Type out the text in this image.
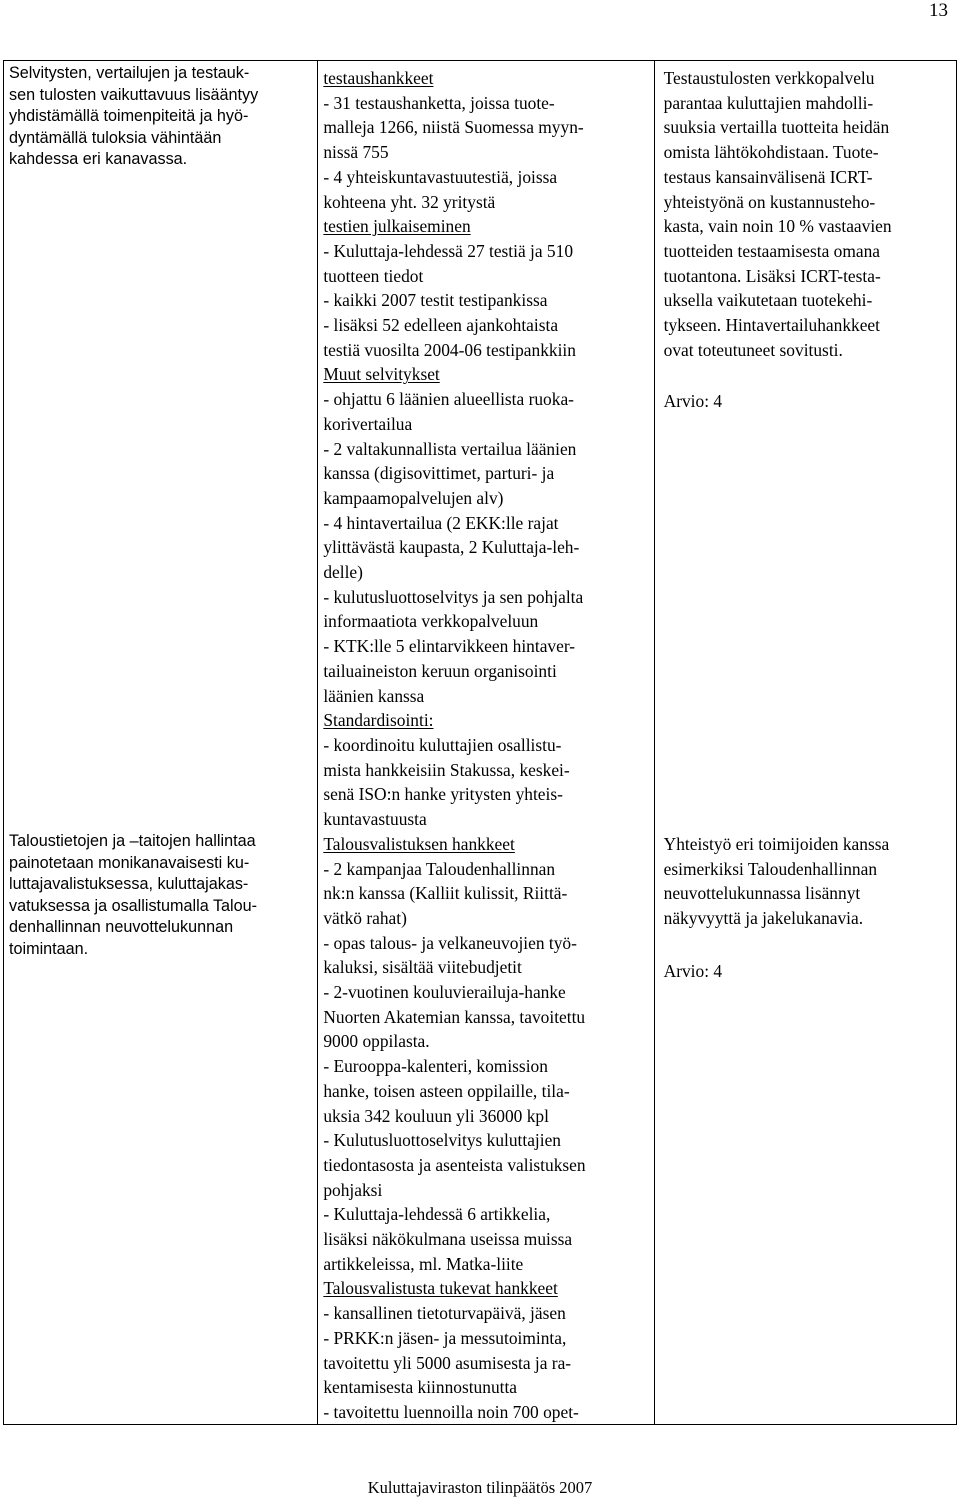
13
Selvitysten, vertailujen ja testauk-
sen tulosten vaikuttavuus lisääntyy
yhdistämällä toimenpiteitä ja hyö-
dyntämällä tuloksia vähintään
kahdessa eri kanavassa.
Taloustietojen ja –taitojen hallintaa
painotetaan monikanavaisesti ku-
luttajavalistuksessa, kuluttajakas-
vatuksessa ja osallistumalla Talou-
denhallinnan neuvottelukunnan
toimintaan.
testaushankkeet
- 31 testaushanketta, joissa tuote-
malleja 1266, niistä Suomessa myyn-
nissä 755
- 4 yhteiskuntavastuutestiä, joissa
kohteena yht. 32 yritystä
testien julkaiseminen
- Kuluttaja-lehdessä 27 testiä ja 510
tuotteen tiedot
- kaikki 2007 testit testipankissa
- lisäksi 52 edelleen ajankohtaista
testiä vuosilta 2004-06 testipankkiin
Muut selvitykset
- ohjattu 6 läänien alueellista ruoka-
korivertailua
- 2 valtakunnallista vertailua läänien
kanssa (digisovittimet, parturi- ja
kampaamopalvelujen alv)
- 4 hintavertailua (2 EKK:lle rajat
ylittävästä kaupasta, 2 Kuluttaja-leh-
delle)
- kulutusluottoselvitys ja sen pohjalta
informaatiota verkkopalveluun
- KTK:lle 5 elintarvikkeen hintaver-
tailuaineiston keruun organisointi
läänien kanssa
Standardisointi:
- koordinoitu kuluttajien osallistu-
mista hankkeisiin Stakussa, keskei-
senä ISO:n hanke yritysten yhteis-
kuntavastuusta
Talousvalistuksen hankkeet
- 2 kampanjaa Taloudenhallinnan
nk:n kanssa (Kalliit kulissit, Riittä-
vätkö rahat)
- opas talous- ja velkaneuvojien työ-
kaluksi, sisältää viitebudjetit
- 2-vuotinen kouluvierailuja-hanke
Nuorten Akatemian kanssa, tavoitettu
9000 oppilasta.
- Eurooppa-kalenteri, komission
hanke, toisen asteen oppilaille, tila-
uksia 342 kouluun yli 36000 kpl
- Kulutusluottoselvitys kuluttajien
tiedontasosta ja asenteista valistuksen
pohjaksi
- Kuluttaja-lehdessä 6 artikkelia,
lisäksi näkökulmana useissa muissa
artikkeleissa, ml. Matka-liite
Talousvalistusta tukevat hankkeet
- kansallinen tietoturvapäivä, jäsen
- PRKK:n jäsen- ja messutoiminta,
tavoitettu yli 5000 asumisesta ja ra-
kentamisesta kiinnostunutta
- tavoitettu luennoilla noin 700 opet-
Testaustulosten verkkopalvelu
parantaa kuluttajien mahdolli-
suuksia vertailla tuotteita heidän
omista lähtökohdistaan. Tuote-
testaus kansainvälisenä ICRT-
yhteistyönä on kustannusteho-
kasta, vain noin 10 % vastaavien
tuotteiden testaamisesta omana
tuotantona. Lisäksi ICRT-testa-
uksella vaikutetaan tuotekehi-
tykseen. Hintavertailuhankkeet
ovat toteutuneet sovitusti.
Arvio: 4
Yhteistyö eri toimijoiden kanssa
esimerkiksi Taloudenhallinnan
neuvottelukunnassa lisännyt
näkyvyyttä ja jakelukanavia.
Arvio: 4
Kuluttajaviraston tilinpäätös 2007
